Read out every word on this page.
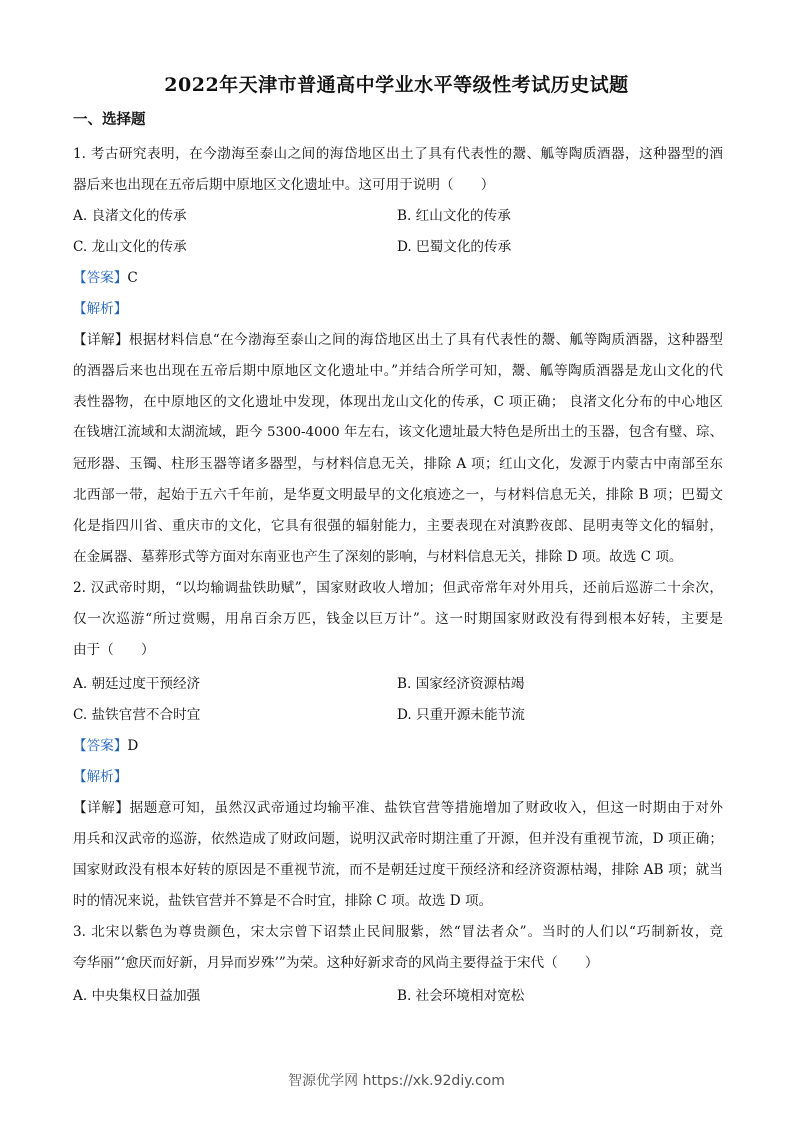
2022年天津市普通高中学业水平等级性考试历史试题
一、选择题
1. 考古研究表明，在今渤海至泰山之间的海岱地区出土了具有代表性的鬶、觚等陶质酒器，这种器型的酒
器后来也出现在五帝后期中原地区文化遗址中。这可用于说明（　　）
A. 良渚文化的传承	B. 红山文化的传承
C. 龙山文化的传承	D. 巴蜀文化的传承
【答案】C
【解析】
【详解】根据材料信息“在今渤海至泰山之间的海岱地区出土了具有代表性的鬶、觚等陶质酒器，这种器型
的酒器后来也出现在五帝后期中原地区文化遗址中。”并结合所学可知，鬶、觚等陶质酒器是龙山文化的代
表性器物，在中原地区的文化遗址中发现，体现出龙山文化的传承，C 项正确； 良渚文化分布的中心地区
在钱塘江流域和太湖流域，距今 5300-4000 年左右，该文化遗址最大特色是所出土的玉器，包含有璧、琮、
冠形器、玉镯、柱形玉器等诸多器型，与材料信息无关，排除 A 项；红山文化，发源于内蒙古中南部至东
北西部一带，起始于五六千年前，是华夏文明最早的文化痕迹之一，与材料信息无关，排除 B 项；巴蜀文
化是指四川省、重庆市的文化，它具有很强的辐射能力，主要表现在对滇黔夜郎、昆明夷等文化的辐射，
在金属器、墓葬形式等方面对东南亚也产生了深刻的影响，与材料信息无关，排除 D 项。故选 C 项。
2. 汉武帝时期，“以均输调盐铁助赋”，国家财政收人增加；但武帝常年对外用兵，还前后巡游二十余次，
仅一次巡游“所过赏赐，用帛百余万匹，钱金以巨万计”。这一时期国家财政没有得到根本好转，主要是
由于（　　）
A. 朝廷过度干预经济	B. 国家经济资源枯竭
C. 盐铁官营不合时宜	D. 只重开源未能节流
【答案】D
【解析】
【详解】据题意可知，虽然汉武帝通过均输平准、盐铁官营等措施增加了财政收入，但这一时期由于对外
用兵和汉武帝的巡游，依然造成了财政问题，说明汉武帝时期注重了开源，但并没有重视节流，D 项正确；
国家财政没有根本好转的原因是不重视节流，而不是朝廷过度干预经济和经济资源枯竭，排除 AB 项；就当
时的情况来说，盐铁官营并不算是不合时宜，排除 C 项。故选 D 项。
3. 北宋以紫色为尊贵颜色，宋太宗曾下诏禁止民间服紫，然“冒法者众”。当时的人们以“巧制新妆，竞
夸华丽”‘愈厌而好新，月异而岁殊’”为荣。这种好新求奇的风尚主要得益于宋代（　　）
A. 中央集权日益加强	B. 社会环境相对宽松
智源优学网 https://xk.92diy.com
